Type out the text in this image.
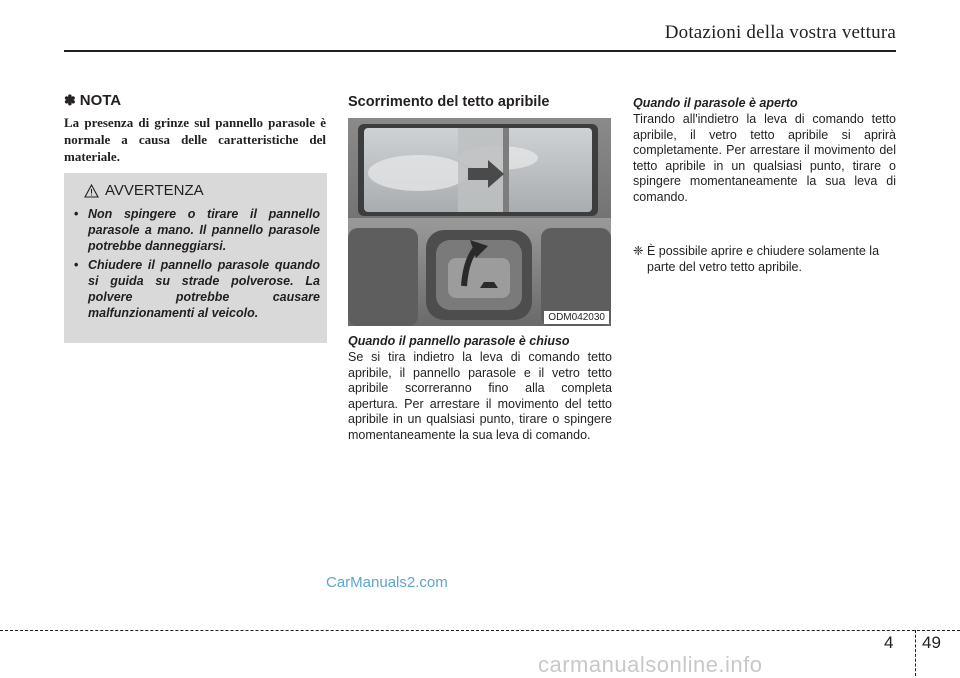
Dotazioni della vostra vettura
✽ NOTA
La presenza di grinze sul pannello parasole è normale a causa delle caratteristiche del materiale.
AVVERTENZA
• Non spingere o tirare il pannello parasole a mano. Il pannello parasole potrebbe danneggiarsi.
• Chiudere il pannello parasole quando si guida su strade polverose. La polvere potrebbe causare malfunzionamenti al veicolo.
Scorrimento del tetto apribile
ODM042030
Quando il pannello parasole è chiuso
Se si tira indietro la leva di comando tetto apribile, il pannello parasole e il vetro tetto apribile scorreranno fino alla completa apertura. Per arrestare il movimento del tetto apribile in un qualsiasi punto, tirare o spingere momentaneamente la sua leva di comando.
Quando il parasole è aperto
Tirando all'indietro la leva di comando tetto apribile, il vetro tetto apribile si aprirà completamente. Per arrestare il movimento del tetto apribile in un qualsiasi punto, tirare o spingere momentaneamente la sua leva di comando.
❈ È possibile aprire e chiudere solamente la parte del vetro tetto apribile.
CarManuals2.com
4 49
carmanualsonline.info
